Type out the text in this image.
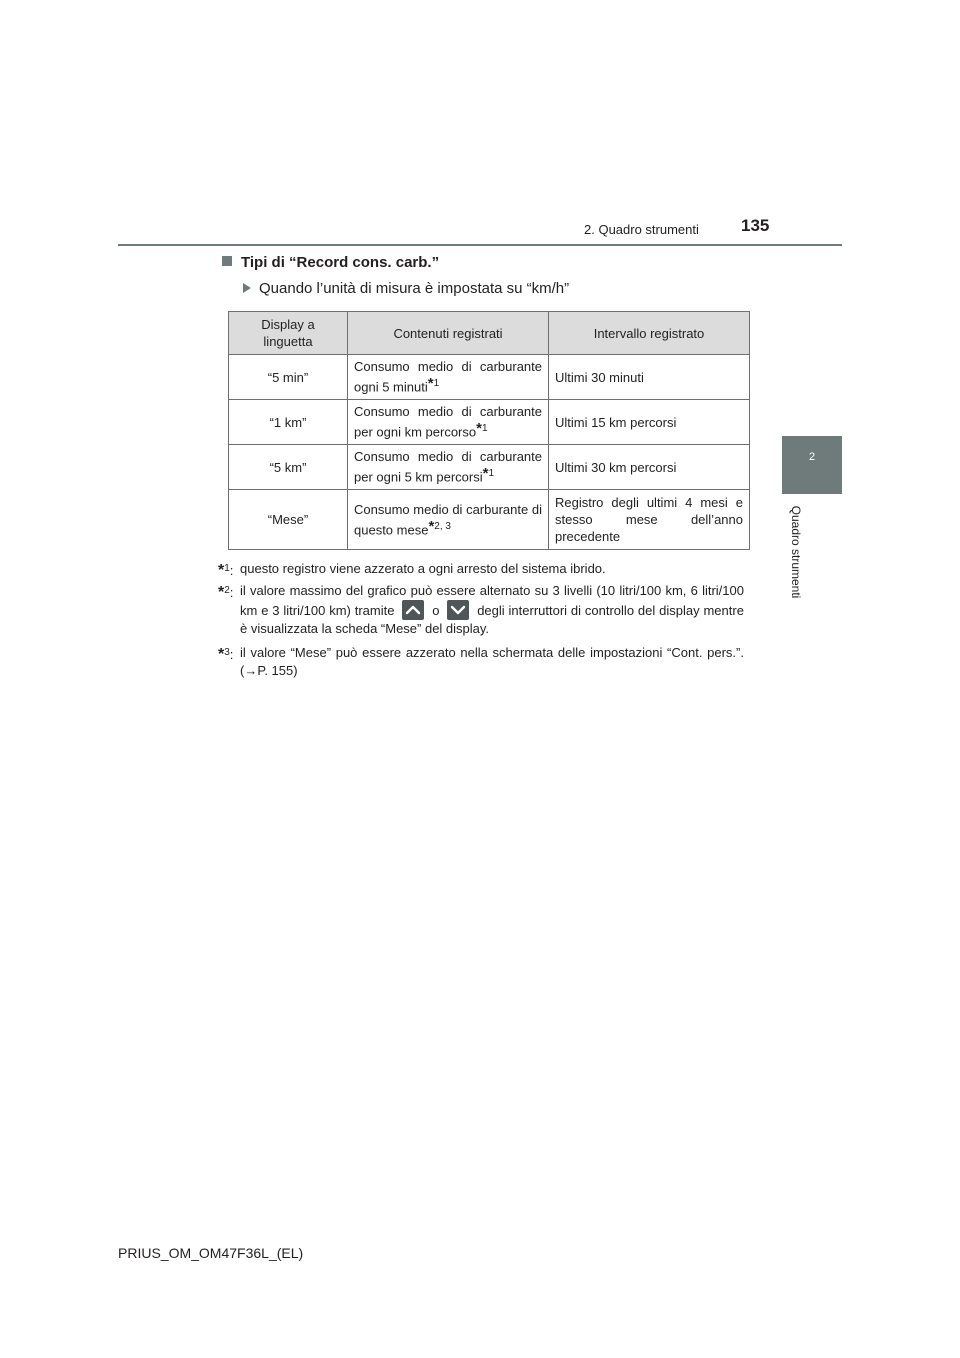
2. Quadro strumenti 135
2
Quadro strumenti
Tipi di “Record cons. carb.”
Quando l’unità di misura è impostata su “km/h”
Display a linguetta	Contenuti registrati	Intervallo registrato
“5 min”	Consumo medio di carburante ogni 5 minuti$^{*1}$	Ultimi 30 minuti
“1 km”	Consumo medio di carburante per ogni km percorso$^{*1}$	Ultimi 15 km percorsi
“5 km”	Consumo medio di carburante per ogni 5 km percorsi$^{*1}$	Ultimi 30 km percorsi
“Mese”	Consumo medio di carburante di questo mese$^{*2, 3}$	Registro degli ultimi 4 mesi e stesso mese dell’anno precedente
*$^1$: questo registro viene azzerato a ogni arresto del sistema ibrido.
*$^2$: il valore massimo del grafico può essere alternato su 3 livelli (10 litri/100 km, 6 litri/100 km e 3 litri/100 km) tramite	o	degli interruttori di controllo del display mentre è visualizzata la scheda “Mese” del display.
*$^3$: il valore “Mese” può essere azzerato nella schermata delle impostazioni “Cont. pers.”. (→P. 155)
PRIUS_OM_OM47F36L_(EL)
